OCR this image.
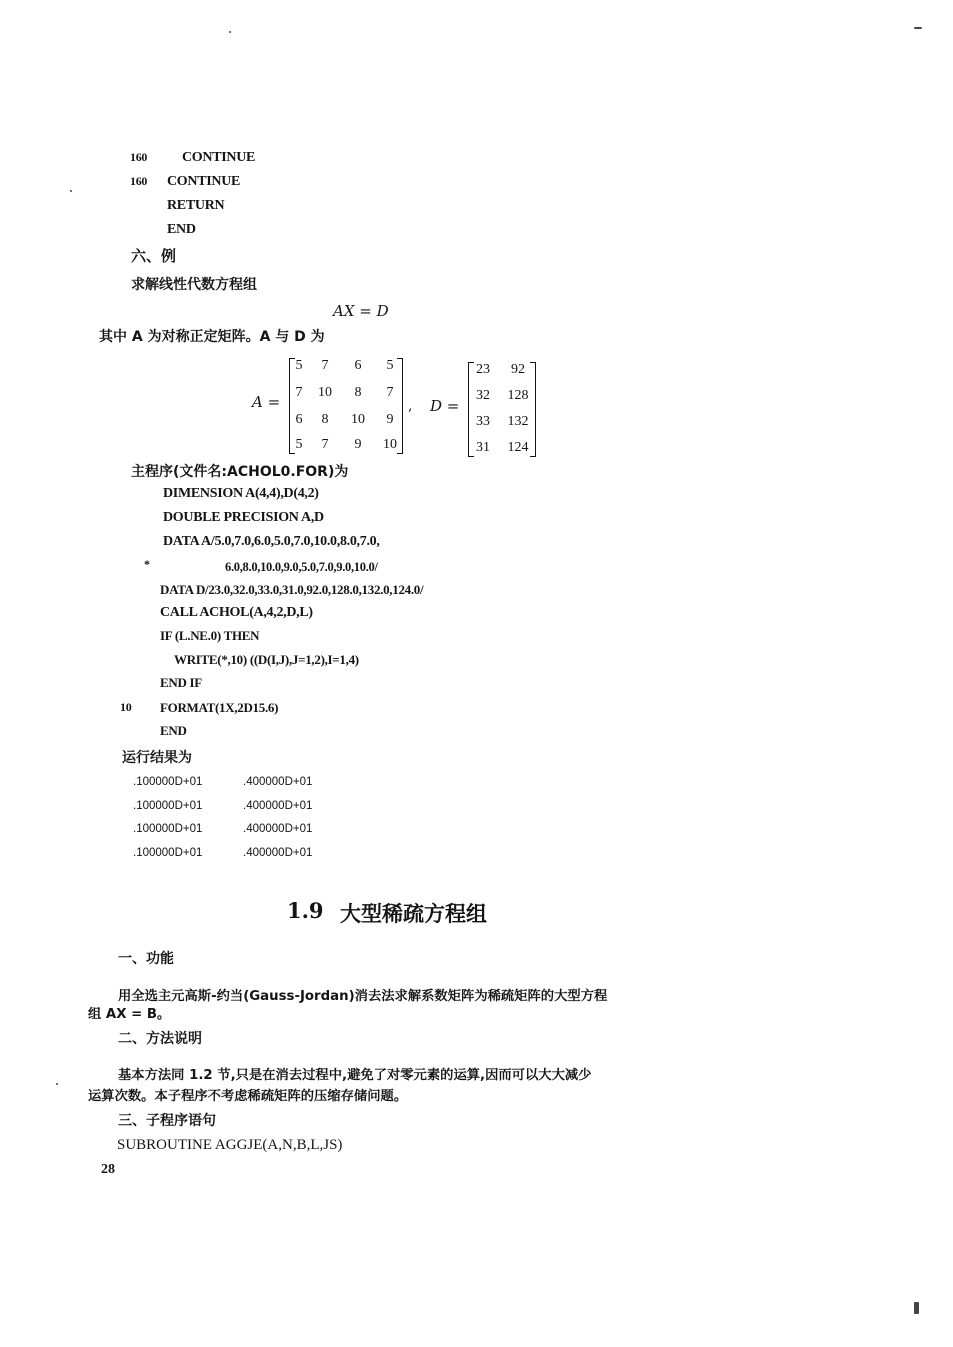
160 CONTINUE
160 CONTINUE
RETURN
END
六、例
求解线性代数方程组
AX = D
其中 A 为对称正定矩阵。A 与 D 为
A =
5	7	6	5
7	10	8	7
6	8	10	9
5	7	9	10
, D =
23	92
32	128
33	132
31	124
主程序(文件名:ACHOL0.FOR)为
DIMENSION A(4,4),D(4,2)
DOUBLE PRECISION A,D
DATA A/5.0,7.0,6.0,5.0,7.0,10.0,8.0,7.0,
*	6.0,8.0,10.0,9.0,5.0,7.0,9.0,10.0/
DATA D/23.0,32.0,33.0,31.0,92.0,128.0,132.0,124.0/
CALL ACHOL(A,4,2,D,L)
IF (L.NE.0) THEN
WRITE(*,10) ((D(I,J),J=1,2),I=1,4)
END IF
10 FORMAT(1X,2D15.6)
END
运行结果为
.100000D+01	.400000D+01
.100000D+01	.400000D+01
.100000D+01	.400000D+01
.100000D+01	.400000D+01
1.9 大型稀疏方程组
一、功能
用全选主元高斯-约当(Gauss-Jordan)消去法求解系数矩阵为稀疏矩阵的大型方程
组 AX = B。
二、方法说明
基本方法同 1.2 节,只是在消去过程中,避免了对零元素的运算,因而可以大大减少
运算次数。本子程序不考虑稀疏矩阵的压缩存储问题。
三、子程序语句
SUBROUTINE AGGJE(A,N,B,L,JS)
28
